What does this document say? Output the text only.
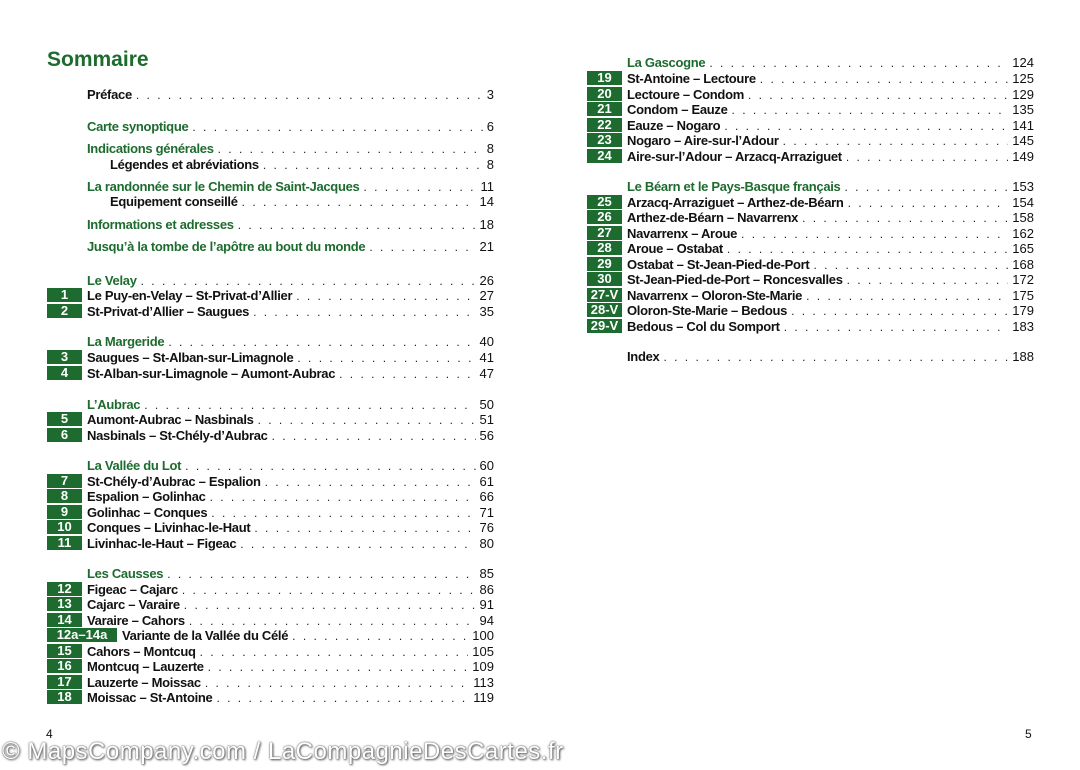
Sommaire
Préface . . .	3
Carte synoptique . . .	6
Indications générales . . .	8
Légendes et abréviations . . .	8
La randonnée sur le Chemin de Saint-Jacques . . .	11
Equipement conseillé . . .	14
Informations et adresses . . .	18
Jusqu’à la tombe de l’apôtre au bout du monde . . .	21
Le Velay . . .	26
1	Le Puy-en-Velay – St-Privat-d’Allier . . .	27
2	St-Privat-d’Allier – Saugues . . .	35
La Margeride . . .	40
3	Saugues – St-Alban-sur-Limagnole . . .	41
4	St-Alban-sur-Limagnole – Aumont-Aubrac . . .	47
L’Aubrac . . .	50
5	Aumont-Aubrac – Nasbinals . . .	51
6	Nasbinals – St-Chély-d’Aubrac . . .	56
La Vallée du Lot . . .	60
7	St-Chély-d’Aubrac – Espalion . . .	61
8	Espalion – Golinhac . . .	66
9	Golinhac – Conques . . .	71
10	Conques – Livinhac-le-Haut . . .	76
11	Livinhac-le-Haut – Figeac . . .	80
Les Causses . . .	85
12	Figeac – Cajarc . . .	86
13	Cajarc – Varaire . . .	91
14	Varaire – Cahors . . .	94
12a–14a	Variante de la Vallée du Célé . . .	100
15	Cahors – Montcuq . . .	105
16	Montcuq – Lauzerte . . .	109
17	Lauzerte – Moissac . . .	113
18	Moissac – St-Antoine . . .	119
4
La Gascogne . . .	124
19	St-Antoine – Lectoure . . .	125
20	Lectoure – Condom . . .	129
21	Condom – Eauze . . .	135
22	Eauze – Nogaro . . .	141
23	Nogaro – Aire-sur-l’Adour . . .	145
24	Aire-sur-l’Adour – Arzacq-Arraziguet . . .	149
Le Béarn et le Pays-Basque français . . .	153
25	Arzacq-Arraziguet – Arthez-de-Béarn . . .	154
26	Arthez-de-Béarn – Navarrenx . . .	158
27	Navarrenx – Aroue . . .	162
28	Aroue – Ostabat . . .	165
29	Ostabat – St-Jean-Pied-de-Port . . .	168
30	St-Jean-Pied-de-Port – Roncesvalles . . .	172
27-V Navarrenx – Oloron-Ste-Marie . . .	175
28-V Oloron-Ste-Marie – Bedous . . .	179
29-V Bedous – Col du Somport . . .	183
Index . . .	188
5
© MapsCompany.com / LaCompagnieDesCartes.fr
